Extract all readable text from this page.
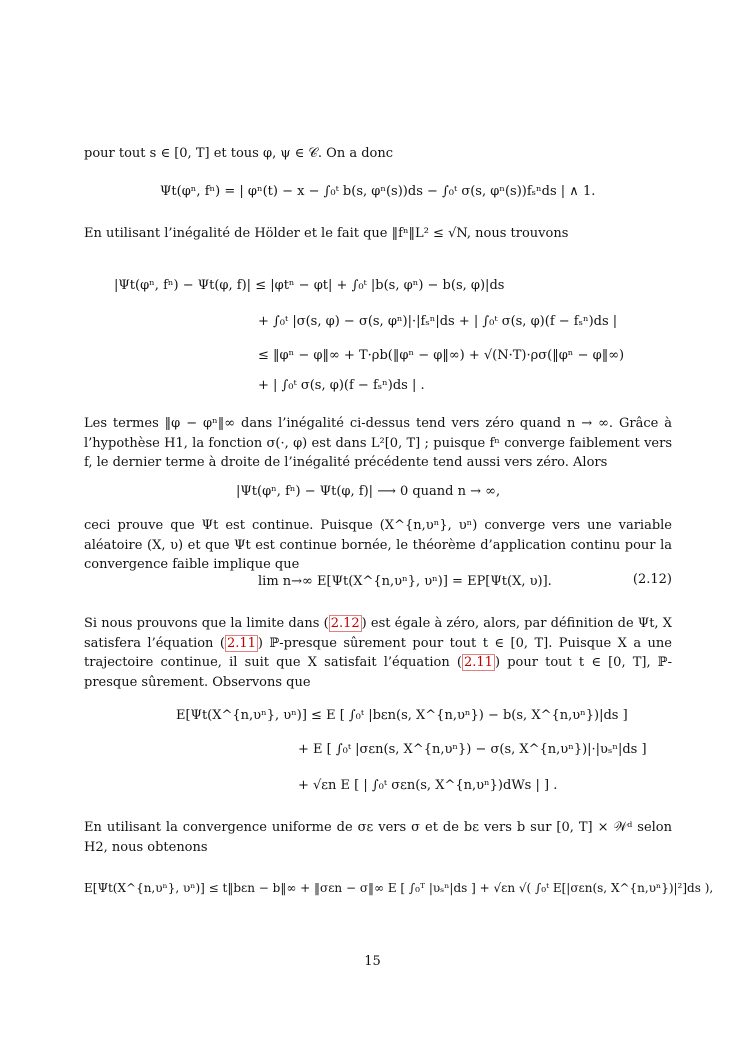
pour tout s ∈ [0, T] et tous φ, ψ ∈ 𝒞. On a donc

Ψt(φⁿ, fⁿ) = | φⁿ(t) − x − ∫₀ᵗ b(s, φⁿ(s))ds − ∫₀ᵗ σ(s, φⁿ(s))fₛⁿds | ∧ 1.

En utilisant l’inégalité de Hölder et le fait que ‖fⁿ‖L² ≤ √N, nous trouvons

|Ψt(φⁿ, fⁿ) − Ψt(φ, f)| ≤ |φtⁿ − φt| + ∫₀ᵗ |b(s, φⁿ) − b(s, φ)|ds
+ ∫₀ᵗ |σ(s, φ) − σ(s, φⁿ)|·|fₛⁿ|ds + | ∫₀ᵗ σ(s, φ)(f − fₛⁿ)ds |
≤ ‖φⁿ − φ‖∞ + T·ρb(‖φⁿ − φ‖∞) + √(N·T)·ρσ(‖φⁿ − φ‖∞)
+ | ∫₀ᵗ σ(s, φ)(f − fₛⁿ)ds | .

Les termes ‖φ − φⁿ‖∞ dans l’inégalité ci-dessus tend vers zéro quand n → ∞. Grâce à l’hypothèse H1, la fonction σ(·, φ) est dans L²[0, T] ; puisque fⁿ converge faiblement vers f, le dernier terme à droite de l’inégalité précédente tend aussi vers zéro. Alors

|Ψt(φⁿ, fⁿ) − Ψt(φ, f)| ⟶ 0 quand n → ∞,

ceci prouve que Ψt est continue. Puisque (X^{n,υⁿ}, υⁿ) converge vers une variable aléatoire (X, υ) et que Ψt est continue bornée, le théorème d’application continu pour la convergence faible implique que

lim n→∞ E[Ψt(X^{n,υⁿ}, υⁿ)] = EP[Ψt(X, υ)].	(2.12)

Si nous prouvons que la limite dans ( 2.12 ) est égale à zéro, alors, par définition de Ψt, X satisfera l’équation ( 2.11 ) ℙ-presque sûrement pour tout t ∈ [0, T]. Puisque X a une trajectoire continue, il suit que X satisfait l’équation ( 2.11 ) pour tout t ∈ [0, T], ℙ-presque sûrement. Observons que

E[Ψt(X^{n,υⁿ}, υⁿ)] ≤ E [ ∫₀ᵗ |bεn(s, X^{n,υⁿ}) − b(s, X^{n,υⁿ})|ds ]
+ E [ ∫₀ᵗ |σεn(s, X^{n,υⁿ}) − σ(s, X^{n,υⁿ})|·|υₛⁿ|ds ]
+ √εn E [ | ∫₀ᵗ σεn(s, X^{n,υⁿ})dWs | ] .

En utilisant la convergence uniforme de σε vers σ et de bε vers b sur [0, T] × 𝒲ᵈ selon H2, nous obtenons

E[Ψt(X^{n,υⁿ}, υⁿ)] ≤ t‖bεn − b‖∞ + ‖σεn − σ‖∞ E [ ∫₀ᵀ |υₛⁿ|ds ] + √εn √( ∫₀ᵗ E[|σεn(s, X^{n,υⁿ})|²]ds ),
15
